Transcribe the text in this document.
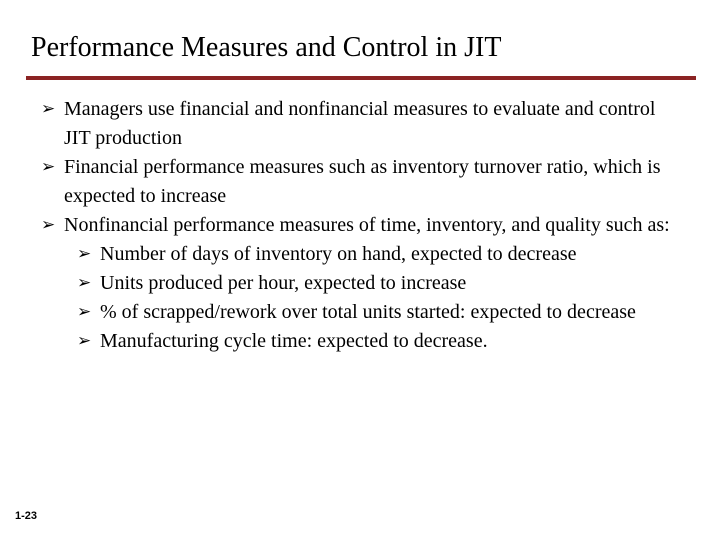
Performance Measures and Control in JIT
➢ Managers use financial and nonfinancial measures to evaluate and control JIT production
➢ Financial performance measures such as inventory turnover ratio, which is expected to increase
➢ Nonfinancial performance measures of time, inventory, and quality such as:
➢ Number of days of inventory on hand, expected to decrease
➢ Units produced per hour, expected to increase
➢ % of scrapped/rework over total units started: expected to decrease
➢ Manufacturing cycle time: expected to decrease.
1-23
